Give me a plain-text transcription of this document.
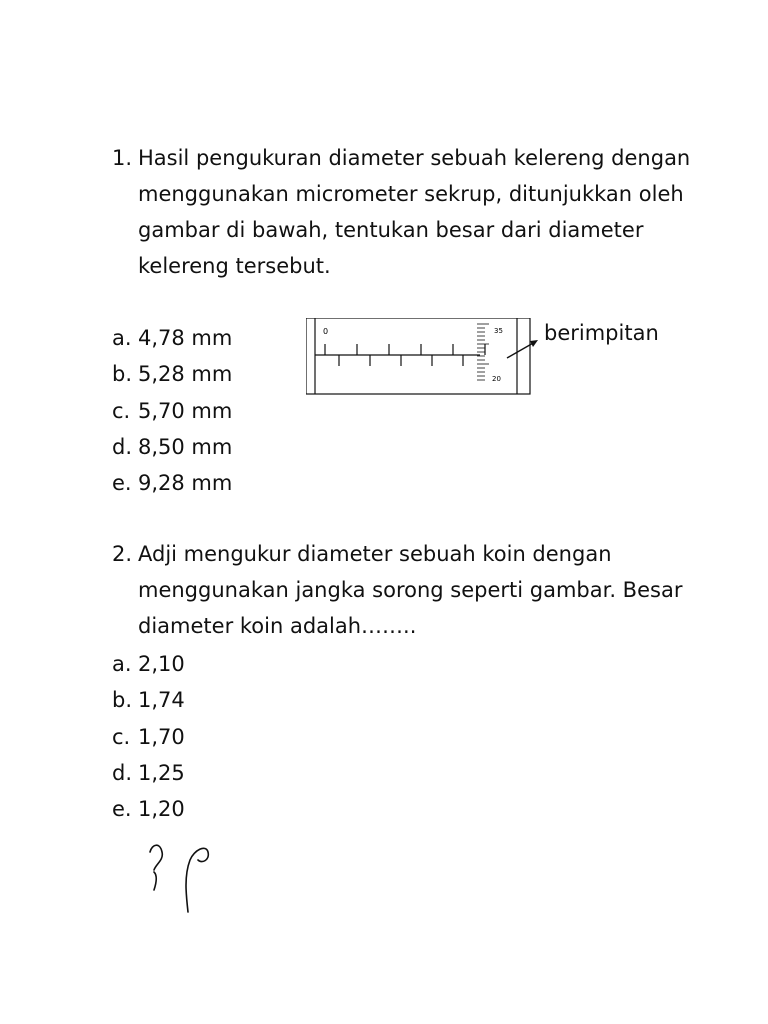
1. Hasil pengukuran diameter sebuah kelereng dengan
menggunakan micrometer sekrup, ditunjukkan oleh
gambar di bawah, tentukan besar dari diameter
kelereng tersebut.
a. 4,78 mm
b. 5,28 mm
c. 5,70 mm
d. 8,50 mm
e. 9,28 mm
0	35
20
berimpitan
2. Adji mengukur diameter sebuah koin dengan
menggunakan jangka sorong seperti gambar. Besar
diameter koin adalah……..
a. 2,10
b. 1,74
c. 1,70
d. 1,25
e. 1,20
